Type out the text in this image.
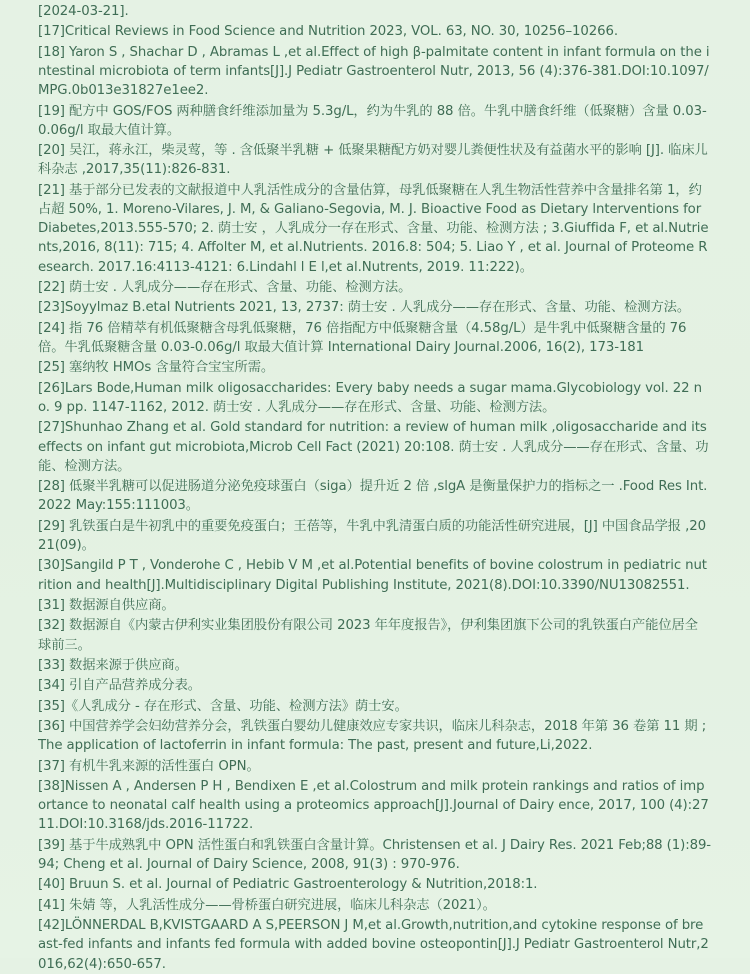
[2024-03-21].
[17]Critical Reviews in Food Science and Nutrition 2023, VOL. 63, NO. 30, 10256–10266.
[18] Yaron S , Shachar D , Abramas L ,et al.Effect of high β-palmitate content in infant formula on the intestinal microbiota of term infants[J].J Pediatr Gastroenterol Nutr, 2013, 56 (4):376-381.DOI:10.1097/MPG.0b013e31827e1ee2.
[19] 配方中 GOS/FOS 两种膳食纤维添加量为 5.3g/L，约为牛乳的 88 倍。牛乳中膳食纤维（低聚糖）含量 0.03-0.06g/l 取最大值计算。
[20] 吴江，蒋永江，柴灵莺，等 . 含低聚半乳糖 + 低聚果糖配方奶对婴儿粪便性状及有益菌水平的影响 [J]. 临床儿科杂志 ,2017,35(11):826-831.
[21] 基于部分已发表的文献报道中人乳活性成分的含量估算，母乳低聚糖在人乳生物活性营养中含量排名第 1，约占超 50%, 1. Moreno-Vilares, J. M, & Galiano-Segovia, M. J. Bioactive Food as Dietary lnterventions for Diabetes,2013.555-570; 2. 荫士安 ，人乳成分一存在形式、含量、功能、检测方法 ; 3.Giuffida F, et al.Nutrients,2016, 8(11): 715; 4. Affolter M, et al.Nutrients. 2016.8: 504; 5. Liao Y , et al. Journal of Proteome Research. 2017.16:4113-4121: 6.Lindahl l E l,et al.Nutrents, 2019. 11:222)。
[22] 荫士安 . 人乳成分——存在形式、含量、功能、检测方法。
[23]Soyylmaz B.etal Nutrients 2021, 13, 2737: 荫士安 . 人乳成分——存在形式、含量、功能、检测方法。
[24] 指 76 倍精萃有机低聚糖含母乳低聚糖，76 倍指配方中低聚糖含量（4.58g/L）是牛乳中低聚糖含量的 76 倍。牛乳低聚糖含量 0.03-0.06g/l 取最大值计算 International Dairy Journal.2006, 16(2), 173-181
[25] 塞纳牧 HMOs 含量符合宝宝所需。
[26]Lars Bode,Human milk oligosaccharides: Every baby needs a sugar mama.Glycobiology vol. 22 no. 9 pp. 1147-1162, 2012. 荫士安 . 人乳成分——存在形式、含量、功能、检测方法。
[27]Shunhao Zhang et al. Gold standard for nutrition: a review of human milk ,oligosaccharide and its effects on infant gut microbiota,Microb Cell Fact (2021) 20:108. 荫士安 . 人乳成分——存在形式、含量、功能、检测方法。
[28] 低聚半乳糖可以促进肠道分泌免疫球蛋白（siga）提升近 2 倍 ,slgA 是衡量保护力的指标之一 .Food Res Int. 2022 May:155:111003。
[29] 乳铁蛋白是牛初乳中的重要免疫蛋白；王蓓等，牛乳中乳清蛋白质的功能活性研究进展，[J] 中国食品学报 ,2021(09)。
[30]Sangild P T , Vonderohe C , Hebib V M ,et al.Potential benefits of bovine colostrum in pediatric nutrition and health[J].Multidisciplinary Digital Publishing Institute, 2021(8).DOI:10.3390/NU13082551.
[31] 数据源自供应商。
[32] 数据源自《内蒙古伊利实业集团股份有限公司 2023 年年度报告》，伊利集团旗下公司的乳铁蛋白产能位居全球前三。
[33] 数据来源于供应商。
[34] 引自产品营养成分表。
[35]《人乳成分 - 存在形式、含量、功能、检测方法》荫士安。
[36] 中国营养学会妇幼营养分会，乳铁蛋白婴幼儿健康效应专家共识，临床儿科杂志，2018 年第 36 卷第 11 期 ; The application of lactoferrin in infant formula: The past, present and future,Li,2022.
[37] 有机牛乳来源的活性蛋白 OPN。
[38]Nissen A , Andersen P H , Bendixen E ,et al.Colostrum and milk protein rankings and ratios of importance to neonatal calf health using a proteomics approach[J].Journal of Dairy ence, 2017, 100 (4):2711.DOI:10.3168/jds.2016-11722.
[39] 基于牛成熟乳中 OPN 活性蛋白和乳铁蛋白含量计算。Christensen et al. J Dairy Res. 2021 Feb;88 (1):89-94; Cheng et al. Journal of Dairy Science, 2008, 91(3) : 970-976.
[40] Bruun S. et al. Journal of Pediatric Gastroenterology & Nutrition,2018:1.
[41] 朱婧 等，人乳活性成分——骨桥蛋白研究进展，临床儿科杂志（2021）。
[42]LÖNNERDAL B,KVISTGAARD A S,PEERSON J M,et al.Growth,nutrition,and cytokine response of breast-fed infants and infants fed formula with added bovine osteopontin[J].J Pediatr Gastroenterol Nutr,2016,62(4):650-657.
